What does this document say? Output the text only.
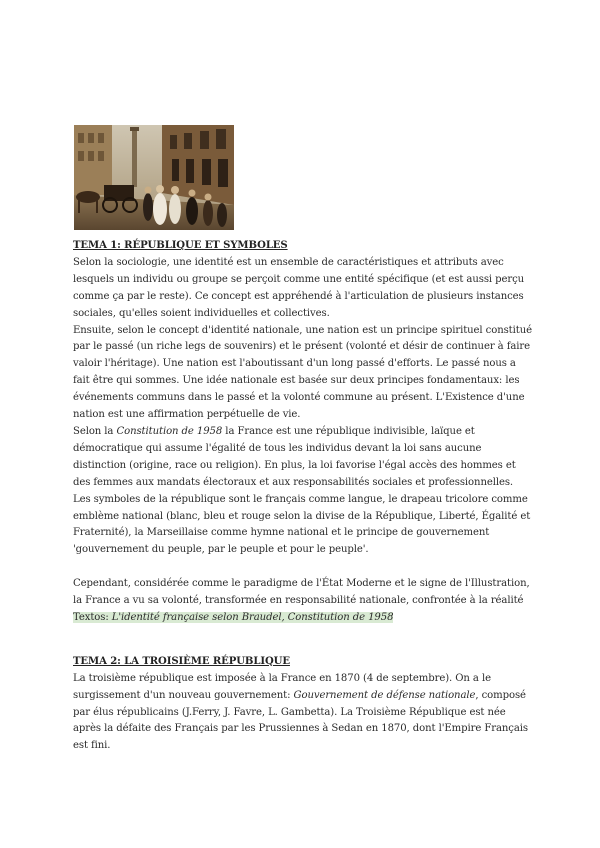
TEMA 1: RÉPUBLIQUE ET SYMBOLES

Selon la sociologie, une identité est un ensemble de caractéristiques et attributs avec lesquels un individu ou groupe se perçoit comme une entité spécifique (et est aussi perçu comme ça par le reste). Ce concept est appréhendé à l'articulation de plusieurs instances sociales, qu'elles soient individuelles et collectives.

Ensuite, selon le concept d'identité nationale, une nation est un principe spirituel constitué par le passé (un riche legs de souvenirs) et le présent (volonté et désir de continuer à faire valoir l'héritage). Une nation est l'aboutissant d'un long passé d'efforts. Le passé nous a fait être qui sommes. Une idée nationale est basée sur deux principes fondamentaux: les événements communs dans le passé et la volonté commune au présent. L'Existence d'une nation est une affirmation perpétuelle de vie.

Selon la Constitution de 1958 la France est une république indivisible, laïque et démocratique qui assume l'égalité de tous les individus devant la loi sans aucune distinction (origine, race ou religion). En plus, la loi favorise l'égal accès des hommes et des femmes aux mandats électoraux et aux responsabilités sociales et professionnelles. Les symboles de la république sont le français comme langue, le drapeau tricolore comme emblème national (blanc, bleu et rouge selon la divise de la République, Liberté, Égalité et Fraternité), la Marseillaise comme hymne national et le principe de gouvernement 'gouvernement du peuple, par le peuple et pour le peuple'.

Cependant, considérée comme le paradigme de l'État Moderne et le signe de l'Illustration, la France a vu sa volonté, transformée en responsabilité nationale, confrontée à la réalité

Textos: L'identité française selon Braudel, Constitution de 1958

TEMA 2: LA TROISIÈME RÉPUBLIQUE

La troisième république est imposée à la France en 1870 (4 de septembre). On a le surgissement d'un nouveau gouvernement: Gouvernement de défense nationale, composé par élus républicains (J.Ferry, J. Favre, L. Gambetta). La Troisième République est née après la défaite des Français par les Prussiennes à Sedan en 1870, dont l'Empire Français est fini.
